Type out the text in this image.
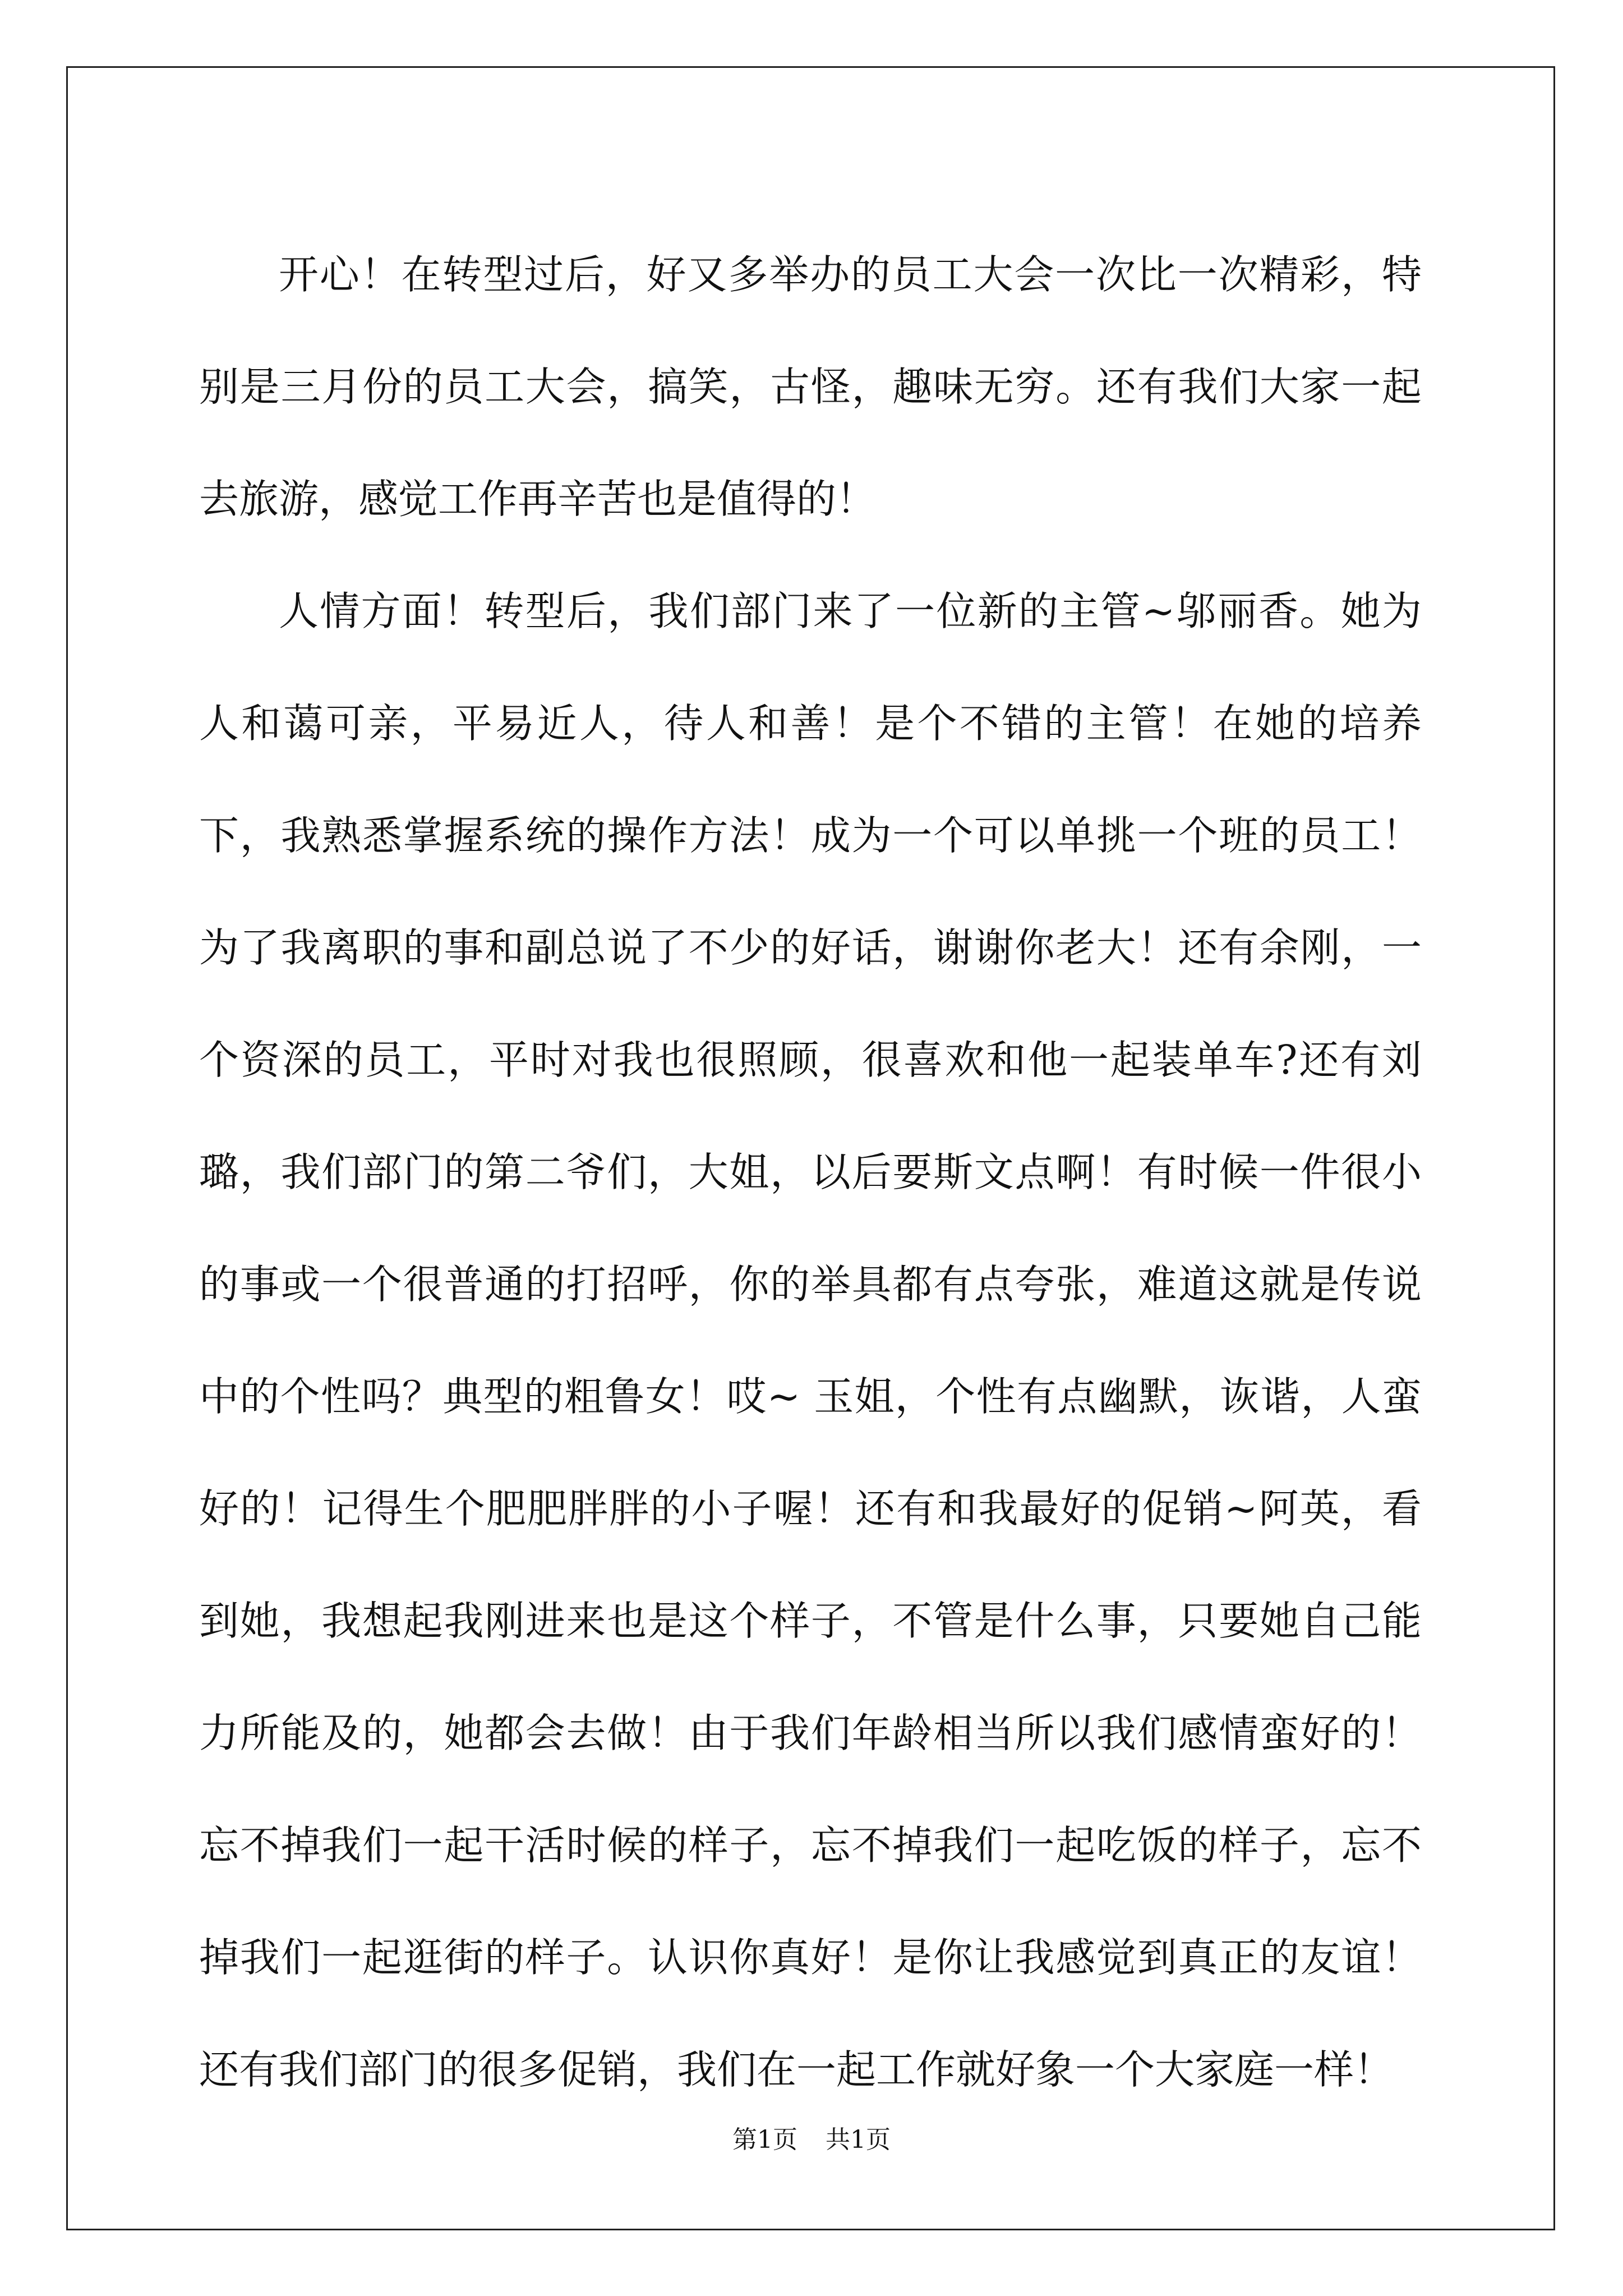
开心！在转型过后，好又多举办的员工大会一次比一次精彩，特别是三月份的员工大会，搞笑，古怪，趣味无穷。还有我们大家一起去旅游，感觉工作再辛苦也是值得的！

人情方面！转型后，我们部门来了一位新的主管~邬丽香。她为人和蔼可亲，平易近人，待人和善！是个不错的主管！在她的培养下，我熟悉掌握系统的操作方法！成为一个可以单挑一个班的员工！为了我离职的事和副总说了不少的好话，谢谢你老大！还有余刚，一个资深的员工，平时对我也很照顾，很喜欢和他一起装单车?还有刘璐，我们部门的第二爷们，大姐，以后要斯文点啊！有时候一件很小的事或一个很普通的打招呼，你的举具都有点夸张，难道这就是传说中的个性吗？典型的粗鲁女！哎~ 玉姐，个性有点幽默，诙谐，人蛮好的！记得生个肥肥胖胖的小子喔！还有和我最好的促销~阿英，看到她，我想起我刚进来也是这个样子，不管是什么事，只要她自己能力所能及的，她都会去做！由于我们年龄相当所以我们感情蛮好的！忘不掉我们一起干活时候的样子，忘不掉我们一起吃饭的样子，忘不掉我们一起逛街的样子。认识你真好！是你让我感觉到真正的友谊！还有我们部门的很多促销，我们在一起工作就好象一个大家庭一样！

第1页 共1页
